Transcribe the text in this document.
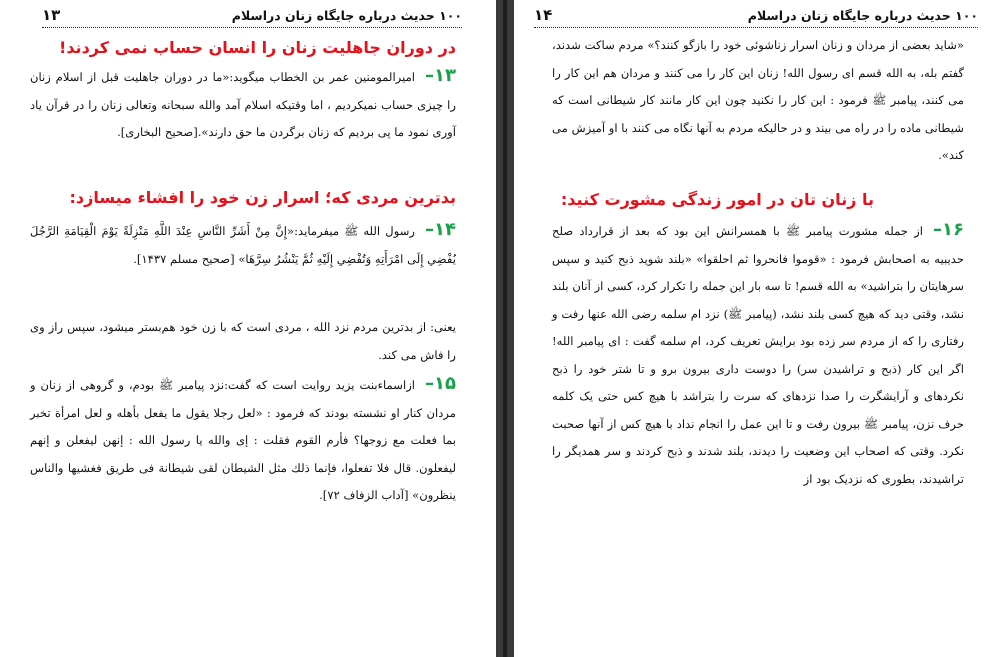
۱۰۰ حدیث درباره جایگاه زنان دراسلام
۱۳
در دوران جاهلیت زنان را انسان حساب نمی کردند!
۱۳–امیرالمومنین عمر بن الخطاب میگوید:«ما در دوران جاهلیت قبل از اسلام زنان را چیزی حساب نمیکردیم ، اما وقتیکه اسلام آمد والله سبحانه وتعالی زنان را در قرآن یاد آوری نمود ما پی بردیم که زنان برگردن ما حق دارند».[صحیح البخاری].
بدترین مردی که؛ اسرار زن خود را افشاء میسازد:
۱۴–رسول الله ﷺ میفرماید:«إِنَّ مِنْ أَشَرِّ النَّاسِ عِنْدَ اللَّهِ مَنْزِلَةً يَوْمَ الْقِيَامَةِ الرَّجُلَ يُفْضِي إِلَى امْرَأَتِهِ وَتُفْضِي إِلَيْهِ ثُمَّ يَنْشُرُ سِرَّهَا» [صحیح مسلم ۱۴۳۷].
یعنی: از بدترین مردم نزد الله ، مردی است که با زن خود هم‌بستر میشود، سپس راز وی را فاش می کند.
۱۵–ازاسماءبنت یزید روایت است که گفت:نزد پیامبر ﷺ بودم، و گروهی از زنان و مردان کنار او نشسته بودند که فرمود : «لعل رجلا يقول ما يفعل بأهله و لعل امرأة تخبر بما فعلت مع زوجها؟ فأرم القوم فقلت : إی والله یا رسول الله : إنهن ليفعلن و إنهم ليفعلون. قال فلا تفعلوا، فإنما ذلك مثل الشيطان لقی شيطانة فی طريق فغشيها والناس ينظرون» [آداب الزفاف ۷۲].
۱۰۰ حدیث درباره جایگاه زنان دراسلام
۱۴
«شاید بعضی از مردان و زنان اسرار زناشوئی خود را بازگو کنند؟» مردم ساکت شدند، گفتم بله، به الله قسم ای رسول الله! زنان این کار را می کنند و مردان هم این کار را می کنند، پیامبر ﷺ فرمود : این کار را نکنید چون این کار مانند کار شیطانی است که شیطانی ماده را در راه می بیند و در حالیکه مردم به آنها نگاه می کنند با او آمیزش می کند».
با زنان تان در امور زندگی مشورت کنید:
۱۶–از جمله مشورت پیامبر ﷺ با همسرانش این بود که بعد از قرارداد صلح حدیبیه به اصحابش فرمود : «قوموا فانحروا ثم احلقوا» «بلند شوید ذبح کنید و سپس سرهایتان را بتراشید» به الله قسم! تا سه بار این جمله را تکرار کرد، کسی از آنان بلند نشد، وقتی دید که هیچ کسی بلند نشد، (پیامبر ﷺ) نزد ام سلمه رضی الله عنها رفت و رفتاری را که از مردم سر زده بود برایش تعریف کرد، ام سلمه گفت : ای پیامبر الله! اگر این کار (ذبح و تراشیدن سر) را دوست داری بیرون برو و تا شتر خود را ذبح نکردهای و آرایشگرت را صدا نزدهای که سرت را بتراشد با هیچ کس حتی یک کلمه حرف نزن، پیامبر ﷺ بیرون رفت و تا این عمل را انجام نداد با هیچ کس از آنها صحبت نکرد. وقتی که اصحاب این وضعیت را دیدند، بلند شدند و ذبح کردند و سر همدیگر را تراشیدند، بطوری که نزدیک بود از
